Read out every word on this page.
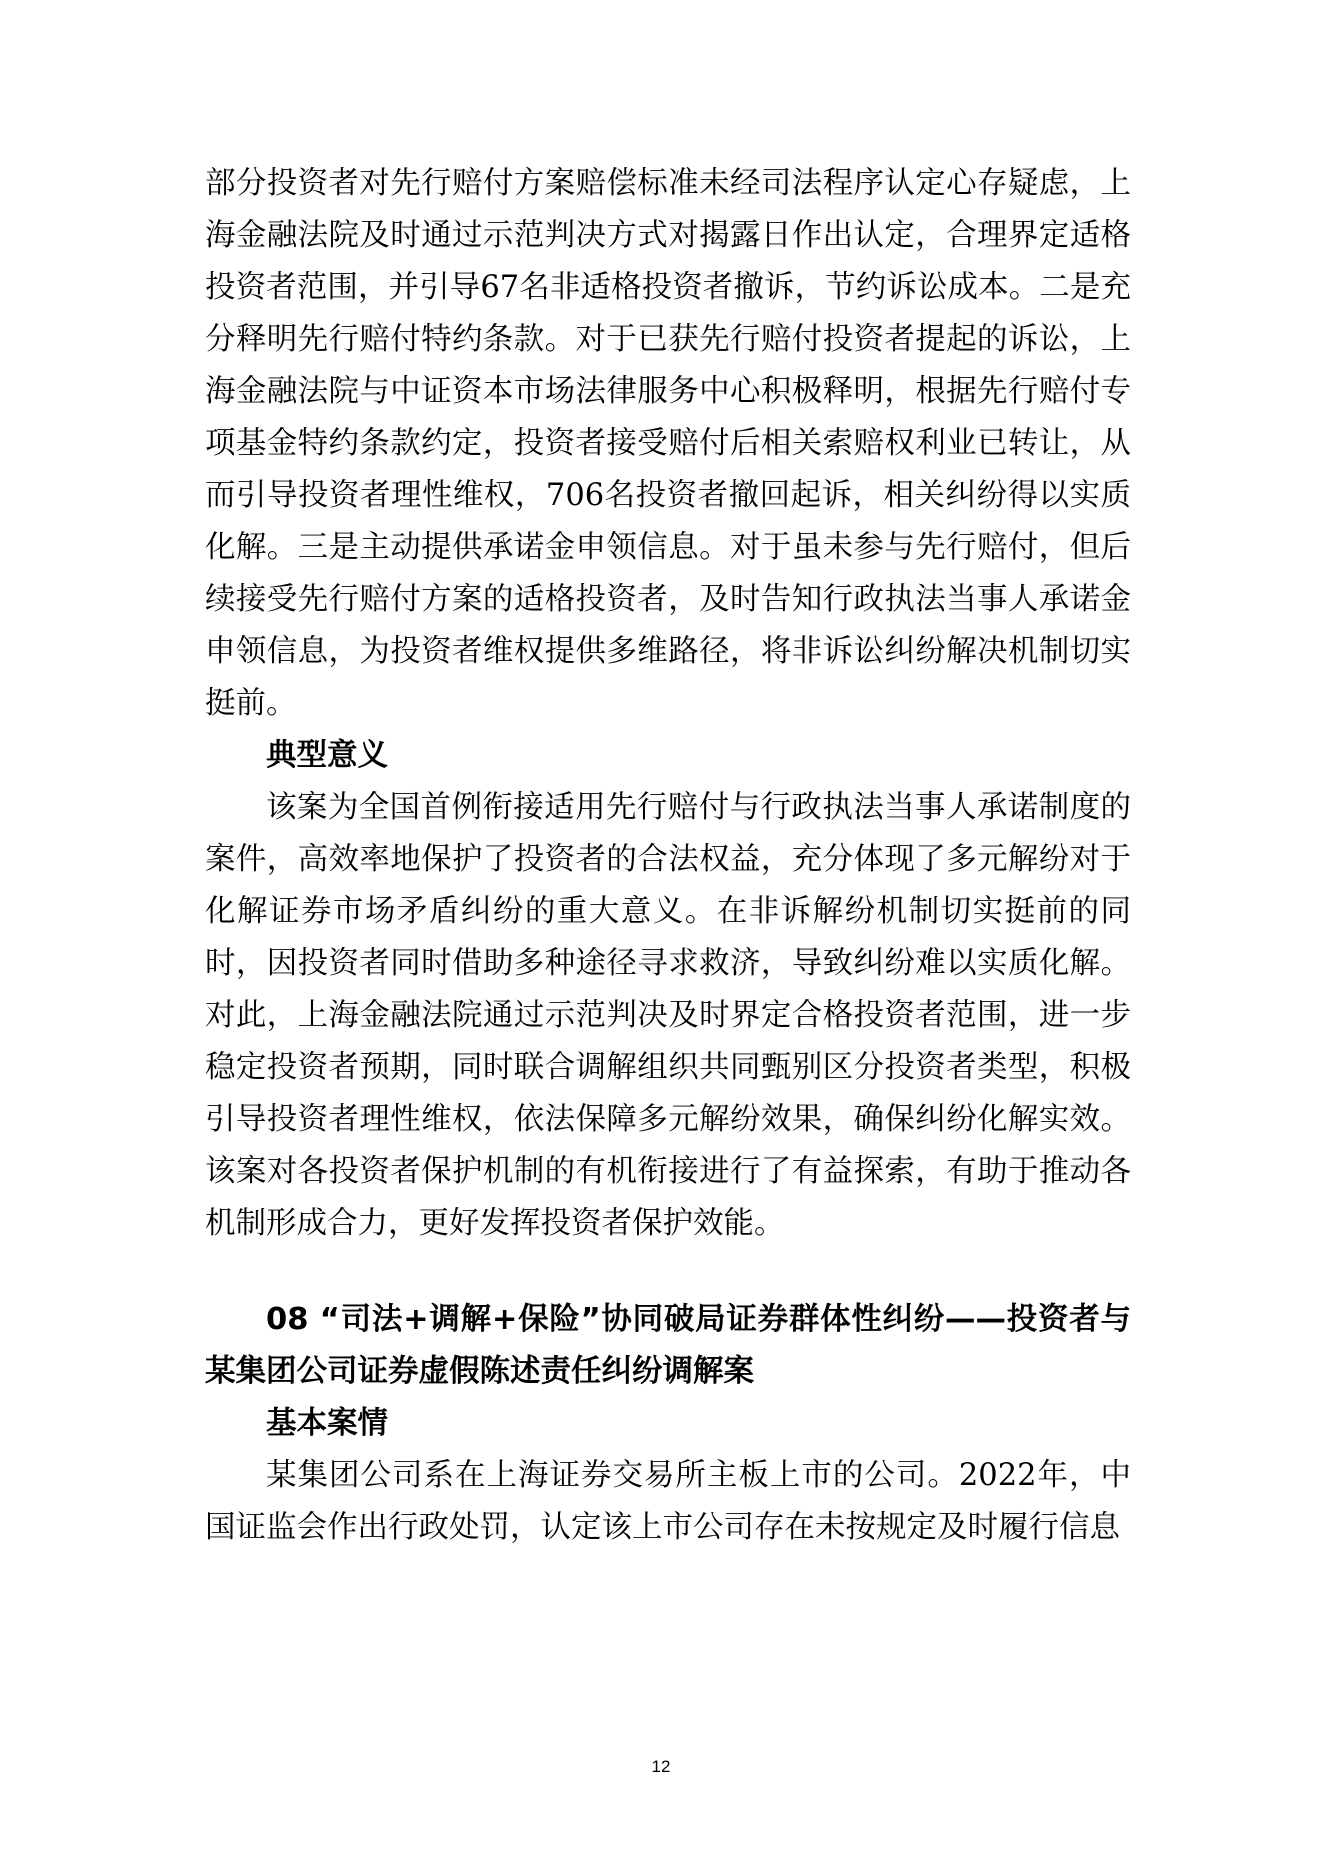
部分投资者对先行赔付方案赔偿标准未经司法程序认定心存疑虑，上海金融法院及时通过示范判决方式对揭露日作出认定，合理界定适格投资者范围，并引导67名非适格投资者撤诉，节约诉讼成本。二是充分释明先行赔付特约条款。对于已获先行赔付投资者提起的诉讼，上海金融法院与中证资本市场法律服务中心积极释明，根据先行赔付专项基金特约条款约定，投资者接受赔付后相关索赔权利业已转让，从而引导投资者理性维权，706名投资者撤回起诉，相关纠纷得以实质化解。三是主动提供承诺金申领信息。对于虽未参与先行赔付，但后续接受先行赔付方案的适格投资者，及时告知行政执法当事人承诺金申领信息，为投资者维权提供多维路径，将非诉讼纠纷解决机制切实挺前。

典型意义

该案为全国首例衔接适用先行赔付与行政执法当事人承诺制度的案件，高效率地保护了投资者的合法权益，充分体现了多元解纷对于化解证券市场矛盾纠纷的重大意义。在非诉解纷机制切实挺前的同时，因投资者同时借助多种途径寻求救济，导致纠纷难以实质化解。对此，上海金融法院通过示范判决及时界定合格投资者范围，进一步稳定投资者预期，同时联合调解组织共同甄别区分投资者类型，积极引导投资者理性维权，依法保障多元解纷效果，确保纠纷化解实效。该案对各投资者保护机制的有机衔接进行了有益探索，有助于推动各机制形成合力，更好发挥投资者保护效能。

08 “司法+调解+保险”协同破局证券群体性纠纷——投资者与某集团公司证券虚假陈述责任纠纷调解案

基本案情

某集团公司系在上海证券交易所主板上市的公司。2022年，中国证监会作出行政处罚，认定该上市公司存在未按规定及时履行信息

12
